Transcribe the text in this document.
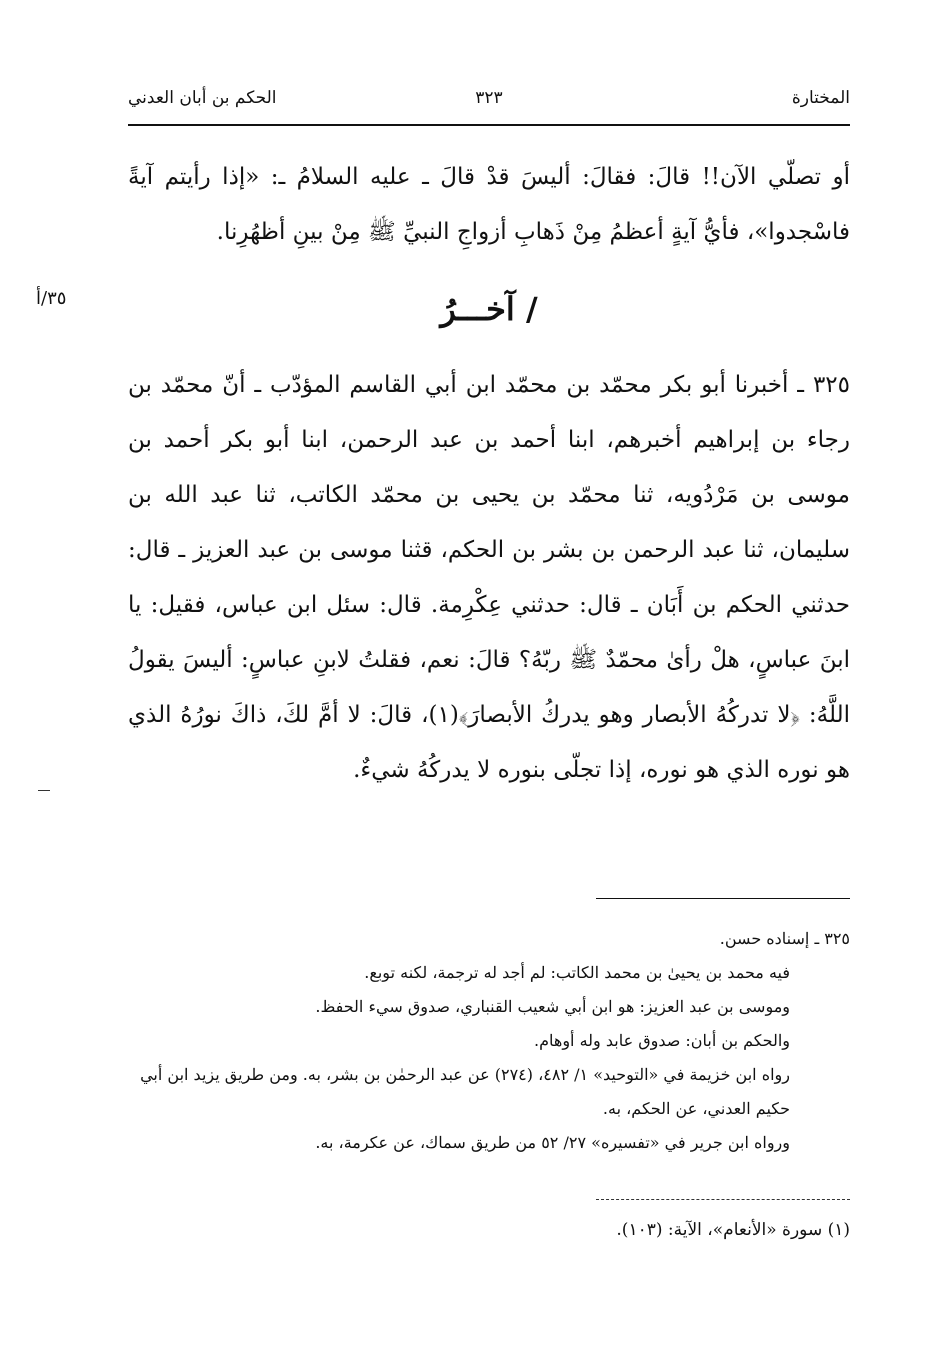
المختارة
٣٢٣
الحكم بن أبان العدني

أو تصلّي الآن!! قالَ: فقالَ: أليسَ قدْ قالَ ـ عليه السلامُ ـ: «إذا رأيتم آيةً فاسْجدوا»، فأيُّ آيةٍ أعظمُ مِنْ ذَهابِ أزواجِ النبيِّ ﷺ مِنْ بينِ أظهُرِنا.

٣٥/أ	/ آخـــرُ

٣٢٥ ـ أخبرنا أبو بكر محمّد بن محمّد ابن أبي القاسم المؤدّب ـ أنّ محمّد بن رجاء بن إبراهيم أخبرهم، ابنا أحمد بن عبد الرحمن، ابنا أبو بكر أحمد بن موسى بن مَرْدُويه، ثنا محمّد بن يحيى بن محمّد الكاتب، ثنا عبد الله بن سليمان، ثنا عبد الرحمن بن بشر بن الحكم، قثنا موسى بن عبد العزيز ـ قال: حدثني الحكم بن أَبَان ـ قال: حدثني عِكْرِمة. قال: سئل ابن عباس، فقيل: يا ابنَ عباسٍ، هلْ رأىٰ محمّدٌ ﷺ ربّهُ؟ قالَ: نعم، فقلتُ لابنِ عباسٍ: أليسَ يقولُ اللَّهُ: ﴿لا تدركُهُ الأبصار وهو يدركُ الأبصارَ﴾(١)، قالَ: لا أمَّ لكَ، ذاكَ نورُهُ الذي هو نوره الذي هو نوره، إذا تجلّى بنوره لا يدركُهُ شيءٌ.

٣٢٥ ـ إسناده حسن.
فيه محمد بن يحيىٰ بن محمد الكاتب: لم أجد له ترجمة، لكنه توبع.
وموسى بن عبد العزيز: هو ابن أبي شعيب القنباري، صدوق سيء الحفظ.
والحكم بن أبان: صدوق عابد وله أوهام.
رواه ابن خزيمة في «التوحيد» ١/ ٤٨٢، (٢٧٤) عن عبد الرحمٰن بن بشر، به. ومن طريق يزيد ابن أبي حكيم العدني، عن الحكم، به.
ورواه ابن جرير في «تفسيره» ٢٧/ ٥٢ من طريق سماك، عن عكرمة، به.

(١) سورة «الأنعام»، الآية: (١٠٣).
